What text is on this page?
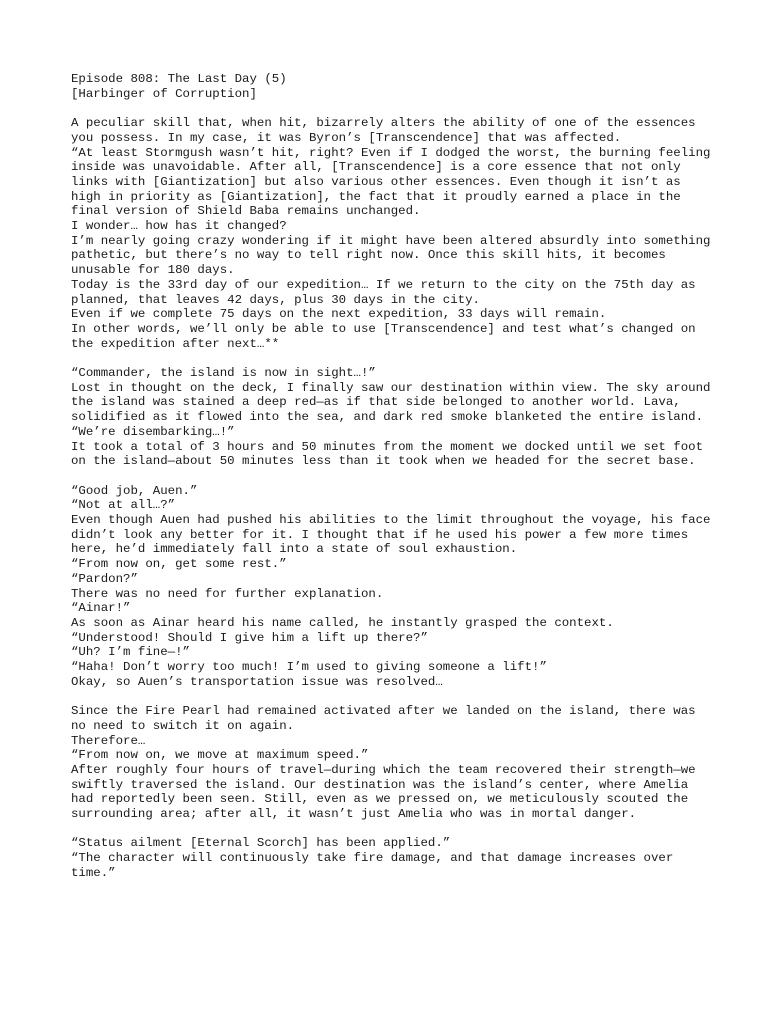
Episode 808: The Last Day (5)
[Harbinger of Corruption]
A peculiar skill that, when hit, bizarrely alters the ability of one of the essences you possess. In my case, it was Byron’s [Transcendence] that was affected.
“At least Stormgush wasn’t hit, right? Even if I dodged the worst, the burning feeling inside was unavoidable. After all, [Transcendence] is a core essence that not only links with [Giantization] but also various other essences. Even though it isn’t as high in priority as [Giantization], the fact that it proudly earned a place in the final version of Shield Baba remains unchanged.
I wonder… how has it changed?
I’m nearly going crazy wondering if it might have been altered absurdly into something pathetic, but there’s no way to tell right now. Once this skill hits, it becomes unusable for 180 days.
Today is the 33rd day of our expedition… If we return to the city on the 75th day as planned, that leaves 42 days, plus 30 days in the city.
Even if we complete 75 days on the next expedition, 33 days will remain.
In other words, we’ll only be able to use [Transcendence] and test what’s changed on the expedition after next…**
“Commander, the island is now in sight…!”
Lost in thought on the deck, I finally saw our destination within view. The sky around the island was stained a deep red—as if that side belonged to another world. Lava, solidified as it flowed into the sea, and dark red smoke blanketed the entire island.
“We’re disembarking…!”
It took a total of 3 hours and 50 minutes from the moment we docked until we set foot on the island—about 50 minutes less than it took when we headed for the secret base.
“Good job, Auen.”
“Not at all…?”
Even though Auen had pushed his abilities to the limit throughout the voyage, his face didn’t look any better for it. I thought that if he used his power a few more times here, he’d immediately fall into a state of soul exhaustion.
“From now on, get some rest.”
“Pardon?”
There was no need for further explanation.
“Ainar!”
As soon as Ainar heard his name called, he instantly grasped the context.
“Understood! Should I give him a lift up there?”
“Uh? I’m fine—!”
“Haha! Don’t worry too much! I’m used to giving someone a lift!”
Okay, so Auen’s transportation issue was resolved…
Since the Fire Pearl had remained activated after we landed on the island, there was no need to switch it on again.
Therefore…
“From now on, we move at maximum speed.”
After roughly four hours of travel—during which the team recovered their strength—we swiftly traversed the island. Our destination was the island’s center, where Amelia had reportedly been seen. Still, even as we pressed on, we meticulously scouted the surrounding area; after all, it wasn’t just Amelia who was in mortal danger.
“Status ailment [Eternal Scorch] has been applied.”
“The character will continuously take fire damage, and that damage increases over time.”
